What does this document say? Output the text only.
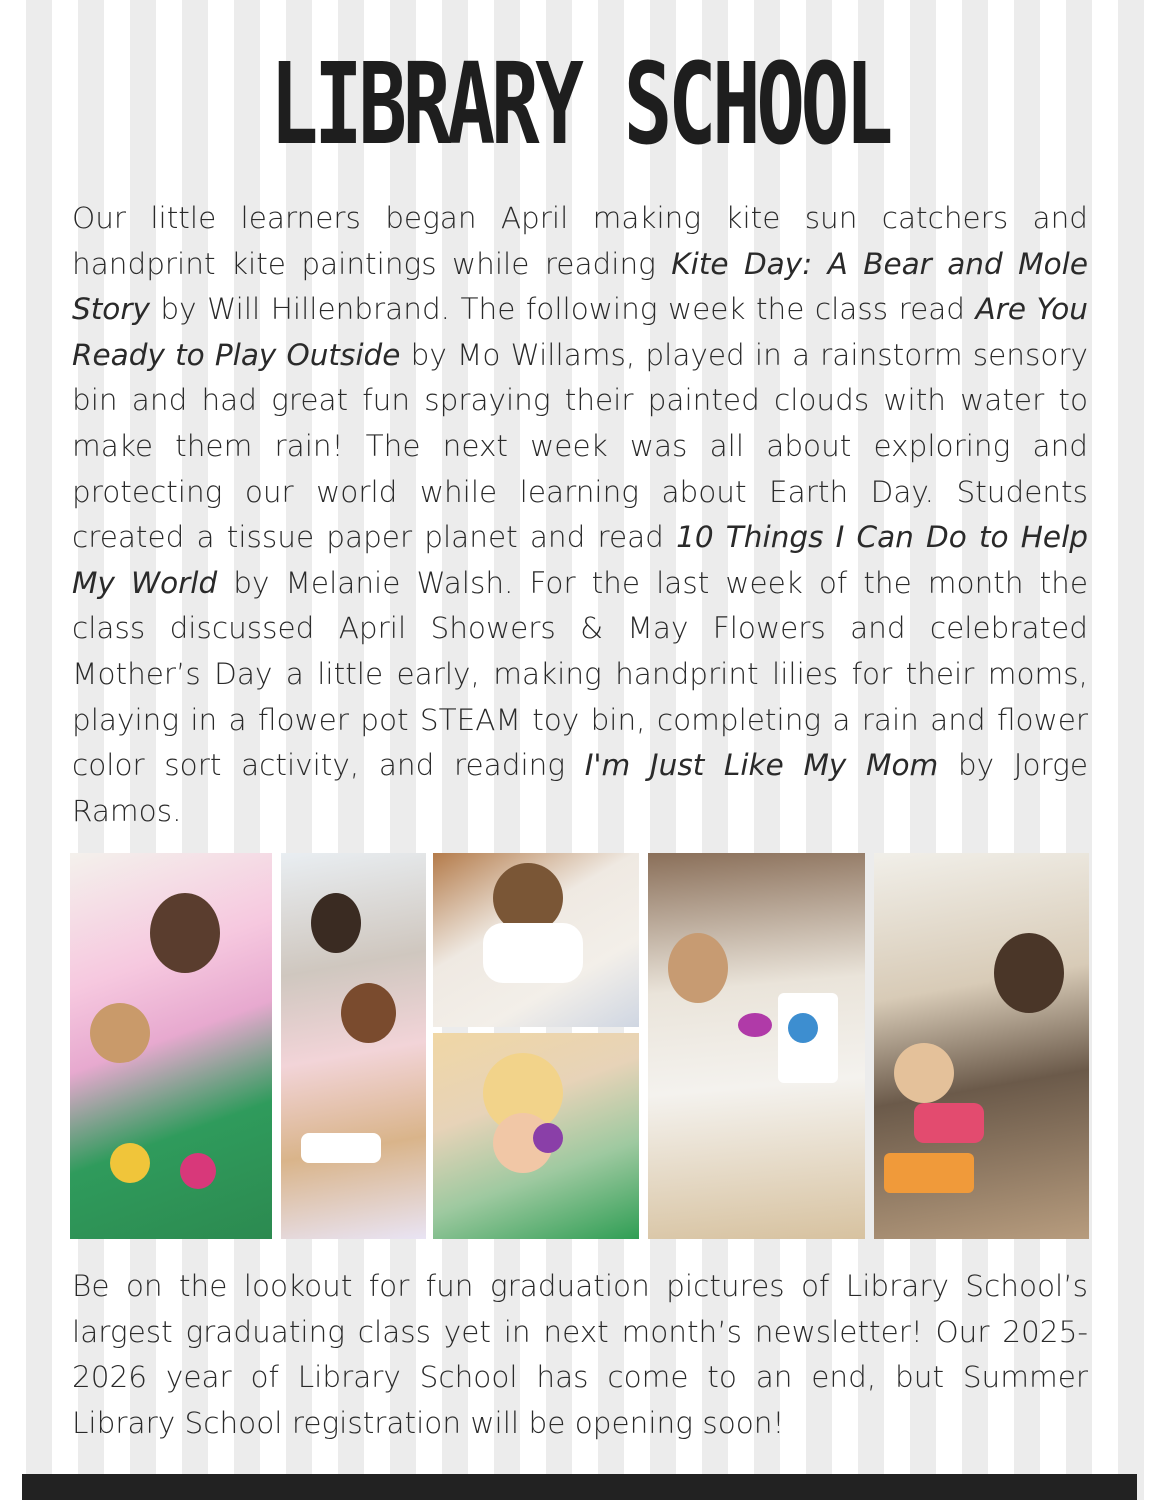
LIBRARY SCHOOL

Our little learners began April making kite sun catchers and handprint kite paintings while reading Kite Day: A Bear and Mole Story by Will Hillenbrand. The following week the class read Are You Ready to Play Outside by Mo Willams, played in a rainstorm sensory bin and had great fun spraying their painted clouds with water to make them rain! The next week was all about exploring and protecting our world while learning about Earth Day. Students created a tissue paper planet and read 10 Things I Can Do to Help My World by Melanie Walsh. For the last week of the month the class discussed April Showers & May Flowers and celebrated Mother’s Day a little early, making handprint lilies for their moms, playing in a flower pot STEAM toy bin, completing a rain and flower color sort activity, and reading I'm Just Like My Mom by Jorge Ramos.

Be on the lookout for fun graduation pictures of Library School’s largest graduating class yet in next month’s newsletter! Our 2025-2026 year of Library School has come to an end, but Summer Library School registration will be opening soon!
